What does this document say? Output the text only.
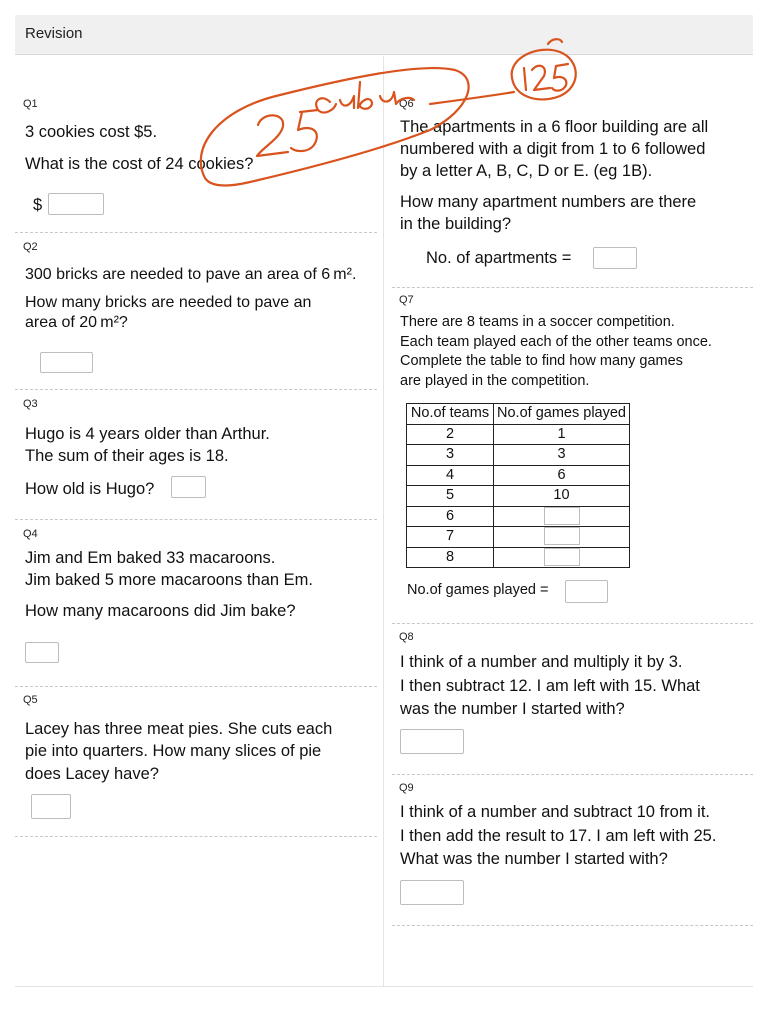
Revision
Q1
3 cookies cost $5.
What is the cost of 24 cookies?
$
Q2
300 bricks are needed to pave an area of 6 m².
How many bricks are needed to pave an
area of 20 m²?
Q3
Hugo is 4 years older than Arthur.
The sum of their ages is 18.
How old is Hugo?
Q4
Jim and Em baked 33 macaroons.
Jim baked 5 more macaroons than Em.
How many macaroons did Jim bake?
Q5
Lacey has three meat pies. She cuts each
pie into quarters. How many slices of pie
does Lacey have?
Q6
The apartments in a 6 floor building are all
numbered with a digit from 1 to 6 followed
by a letter A, B, C, D or E. (eg 1B).
How many apartment numbers are there
in the building?
No. of apartments =
Q7
There are 8 teams in a soccer competition.
Each team played each of the other teams once.
Complete the table to find how many games
are played in the competition.
No.of teams	No.of games played
2	1
3	3
4	6
5	10
6	
7	
8	
No.of games played =
Q8
I think of a number and multiply it by 3.
I then subtract 12. I am left with 15. What
was the number I started with?
Q9
I think of a number and subtract 10 from it.
I then add the result to 17. I am left with 25.
What was the number I started with?
